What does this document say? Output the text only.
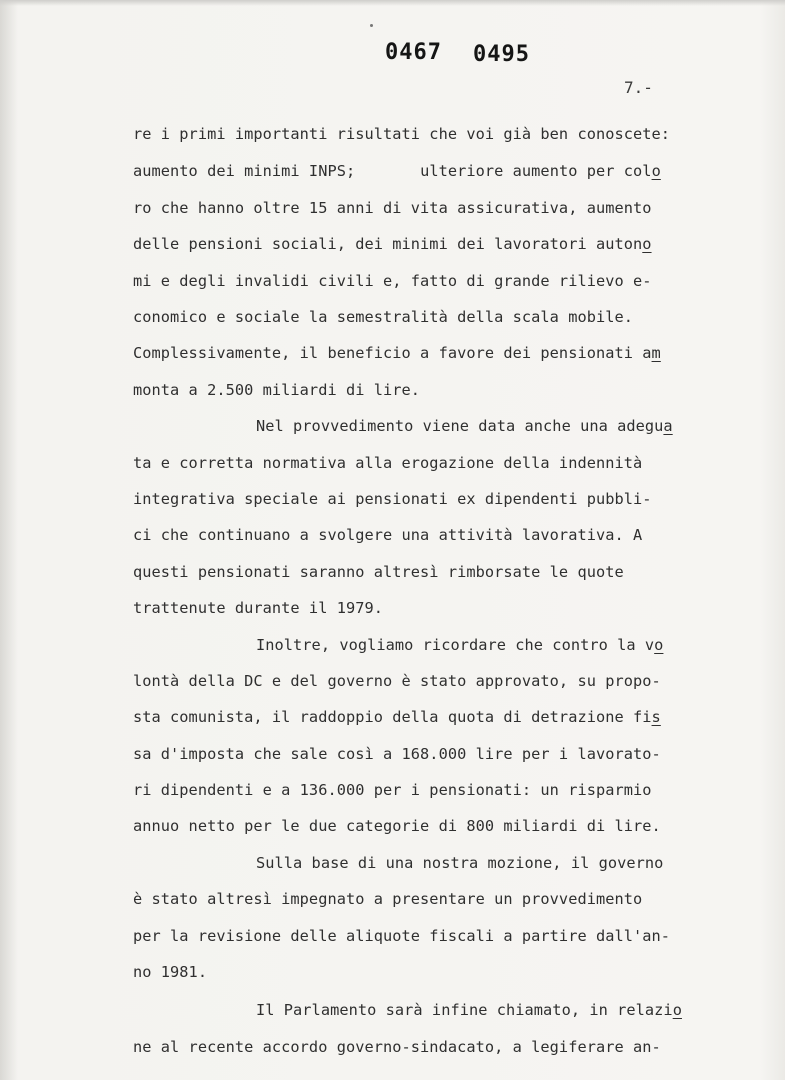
0467 0495
7.-
re i primi importanti risultati che voi già ben conoscete:
aumento dei minimi INPS;	ulteriore aumento per colo
ro che hanno oltre 15 anni di vita assicurativa, aumento
delle pensioni sociali, dei minimi dei lavoratori autono
mi e degli invalidi civili e, fatto di grande rilievo e-
conomico e sociale la semestralità della scala mobile.
Complessivamente, il beneficio a favore dei pensionati am
monta a 2.500 miliardi di lire.
Nel provvedimento viene data anche una adegua
ta e corretta normativa alla erogazione della indennità
integrativa speciale ai pensionati ex dipendenti pubbli-
ci che continuano a svolgere una attività lavorativa. A
questi pensionati saranno altresì rimborsate le quote
trattenute durante il 1979.
Inoltre, vogliamo ricordare che contro la vo
lontà della DC e del governo è stato approvato, su propo-
sta comunista, il raddoppio della quota di detrazione fis
sa d'imposta che sale così a 168.000 lire per i lavorato-
ri dipendenti e a 136.000 per i pensionati: un risparmio
annuo netto per le due categorie di 800 miliardi di lire.
Sulla base di una nostra mozione, il governo
è stato altresì impegnato a presentare un provvedimento
per la revisione delle aliquote fiscali a partire dall'an-
no 1981.
Il Parlamento sarà infine chiamato, in relazio
ne al recente accordo governo-sindacato, a legiferare an-
